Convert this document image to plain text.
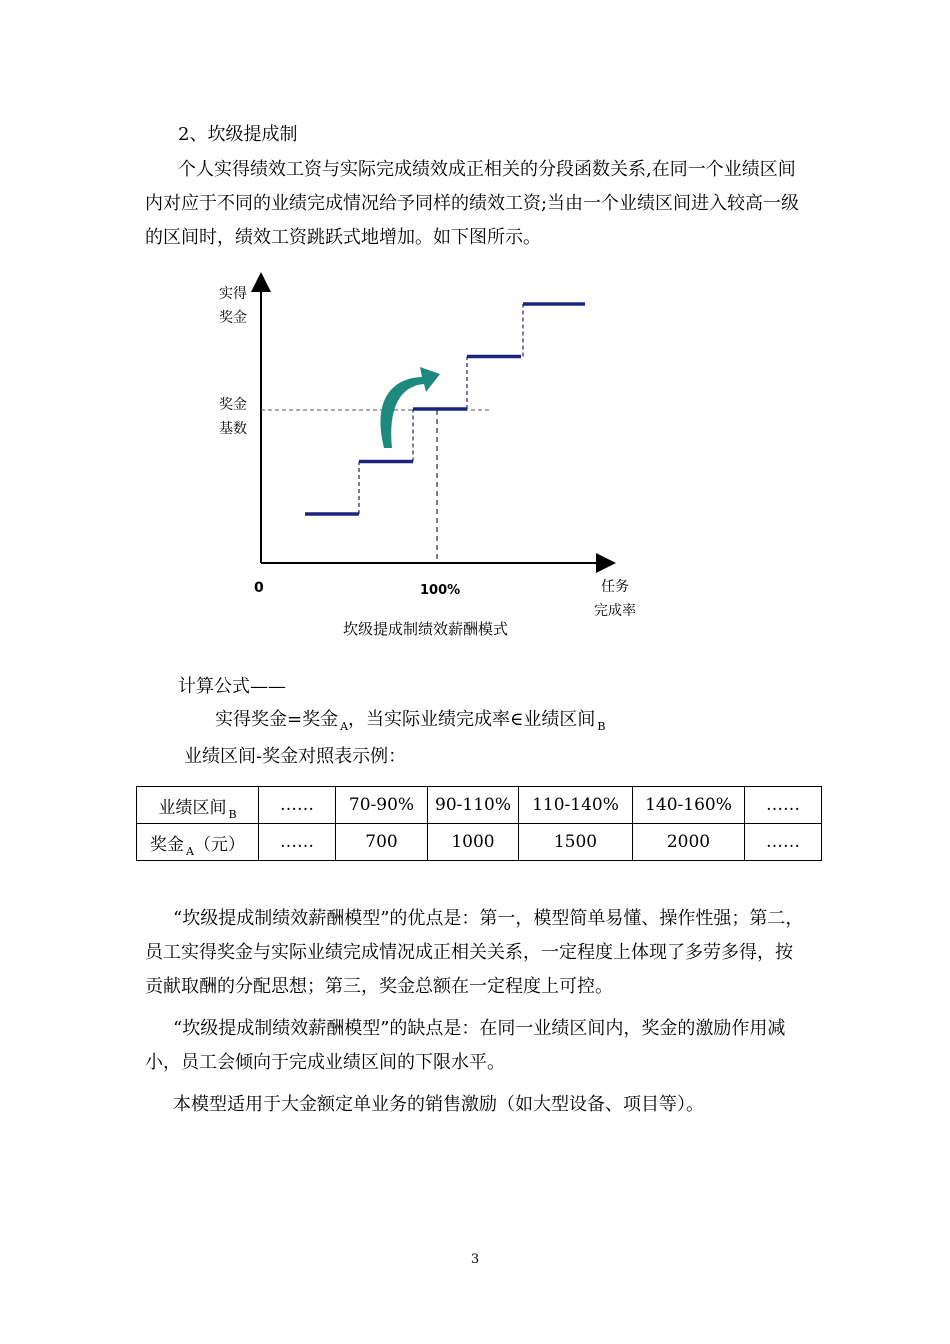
2、坎级提成制
个人实得绩效工资与实际完成绩效成正相关的分段函数关系,在同一个业绩区间内对应于不同的业绩完成情况给予同样的绩效工资;当由一个业绩区间进入较高一级的区间时，绩效工资跳跃式地增加。如下图所示。
实得
奖金
奖金
基数
0	100%	任务
完成率
坎级提成制绩效薪酬模式
计算公式——
实得奖金=奖金 $_A$，当实际业绩完成率∈业绩区间 $_B$
业绩区间-奖金对照表示例：
业绩区间 $_B$	……	70-90%	90-110%	110-140%	140-160%	……
奖金 $_A$（元）	……	700	1000	1500	2000	……
“坎级提成制绩效薪酬模型”的优点是：第一，模型简单易懂、操作性强；第二，员工实得奖金与实际业绩完成情况成正相关关系，一定程度上体现了多劳多得，按贡献取酬的分配思想；第三，奖金总额在一定程度上可控。
“坎级提成制绩效薪酬模型”的缺点是：在同一业绩区间内，奖金的激励作用减小，员工会倾向于完成业绩区间的下限水平。
本模型适用于大金额定单业务的销售激励（如大型设备、项目等）。
3
